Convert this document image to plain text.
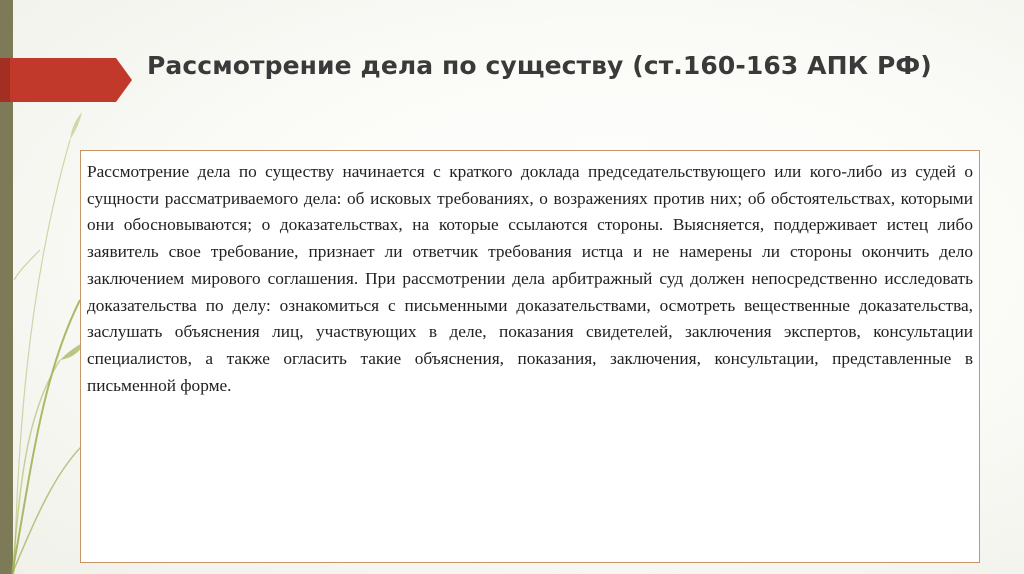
Рассмотрение дела по существу (ст.160-163 АПК РФ)

Рассмотрение дела по существу начинается с краткого доклада председательствующего или кого-либо из судей о сущности рассматриваемого дела: об исковых требованиях, о возражениях против них; об обстоятельствах, которыми они обосновываются; о доказательствах, на которые ссылаются стороны. Выясняется, поддерживает истец либо заявитель свое требование, признает ли ответчик требования истца и не намерены ли стороны окончить дело заключением мирового соглашения. При рассмотрении дела арбитражный суд должен непосредственно исследовать доказательства по делу: ознакомиться с письменными доказательствами, осмотреть вещественные доказательства, заслушать объяснения лиц, участвующих в деле, показания свидетелей, заключения экспертов, консультации специалистов, а также огласить такие объяснения, показания, заключения, консультации, представленные в письменной форме.
